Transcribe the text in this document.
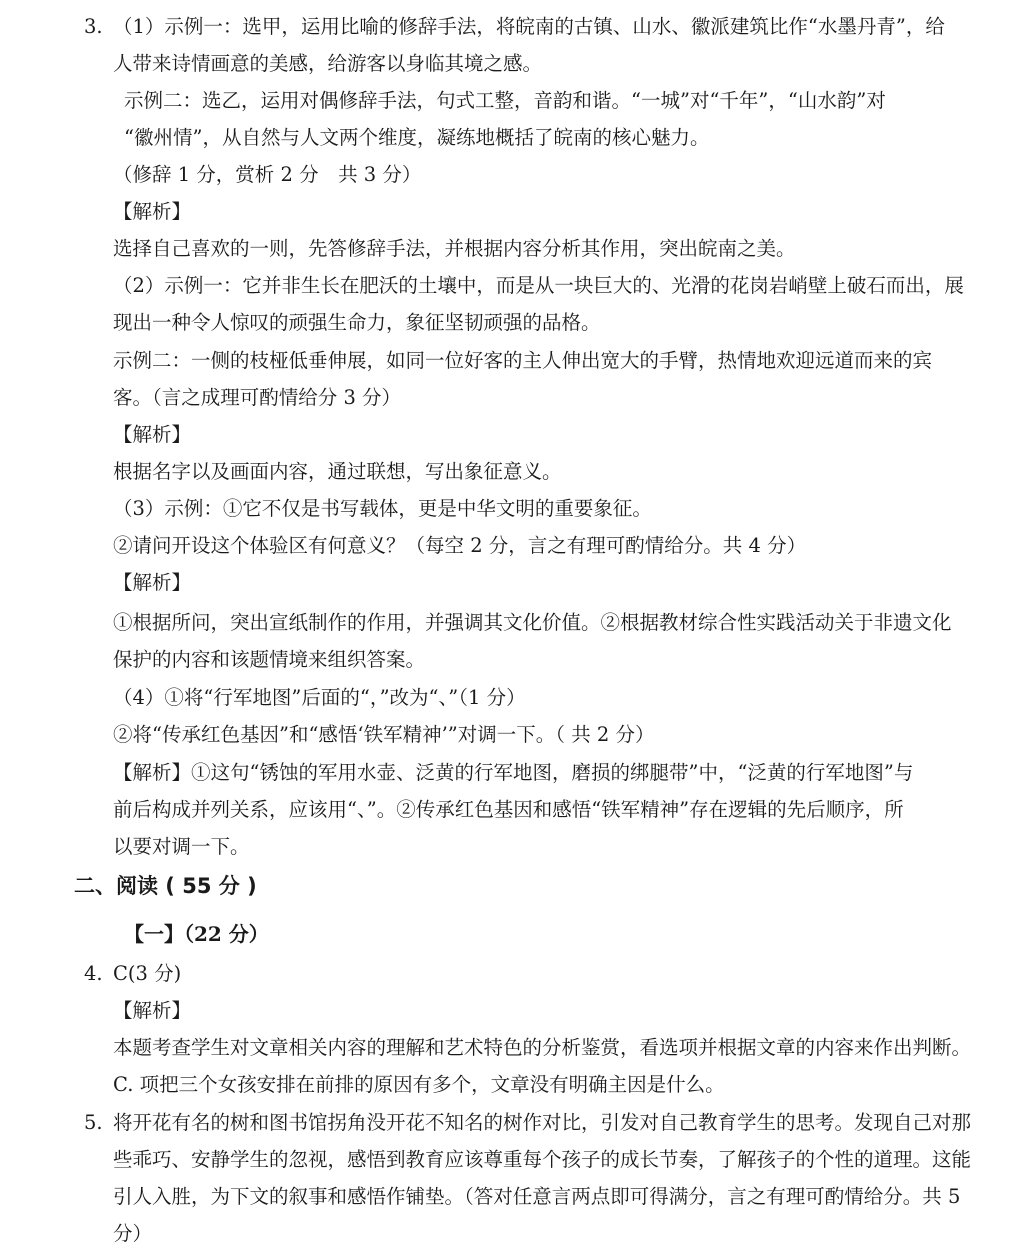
3. （1）示例一：选甲，运用比喻的修辞手法，将皖南的古镇、山水、徽派建筑比作“水墨丹青”，给
人带来诗情画意的美感，给游客以身临其境之感。
示例二：选乙，运用对偶修辞手法，句式工整，音韵和谐。“一城”对“千年”，“山水韵”对
“徽州情”，从自然与人文两个维度，凝练地概括了皖南的核心魅力。
（修辞 1 分，赏析 2 分　共 3 分）
【解析】
选择自己喜欢的一则，先答修辞手法，并根据内容分析其作用，突出皖南之美。
（2）示例一：它并非生长在肥沃的土壤中，而是从一块巨大的、光滑的花岗岩峭壁上破石而出，展
现出一种令人惊叹的顽强生命力，象征坚韧顽强的品格。
示例二：一侧的枝桠低垂伸展，如同一位好客的主人伸出宽大的手臂，热情地欢迎远道而来的宾
客。（言之成理可酌情给分 3 分）
【解析】
根据名字以及画面内容，通过联想，写出象征意义。
（3）示例：①它不仅是书写载体，更是中华文明的重要象征。
②请问开设这个体验区有何意义？（每空 2 分，言之有理可酌情给分。共 4 分）
【解析】
①根据所问，突出宣纸制作的作用，并强调其文化价值。②根据教材综合性实践活动关于非遗文化
保护的内容和该题情境来组织答案。
（4）①将“行军地图”后面的“，”改为“、”（1 分）
②将“传承红色基因”和“感悟‘铁军精神’”对调一下。（ 共 2 分）
【解析】①这句“锈蚀的军用水壶、泛黄的行军地图，磨损的绑腿带”中，“泛黄的行军地图”与
前后构成并列关系，应该用“、”。②传承红色基因和感悟“铁军精神”存在逻辑的先后顺序，所
以要对调一下。
二、阅读 ( 55 分 )
【一】（22 分）
4. C(3 分)
【解析】
本题考查学生对文章相关内容的理解和艺术特色的分析鉴赏，看选项并根据文章的内容来作出判断。
C. 项把三个女孩安排在前排的原因有多个，文章没有明确主因是什么。
5. 将开花有名的树和图书馆拐角没开花不知名的树作对比，引发对自己教育学生的思考。发现自己对那
些乖巧、安静学生的忽视，感悟到教育应该尊重每个孩子的成长节奏，了解孩子的个性的道理。这能
引人入胜，为下文的叙事和感悟作铺垫。（答对任意言两点即可得满分，言之有理可酌情给分。共 5
分）
